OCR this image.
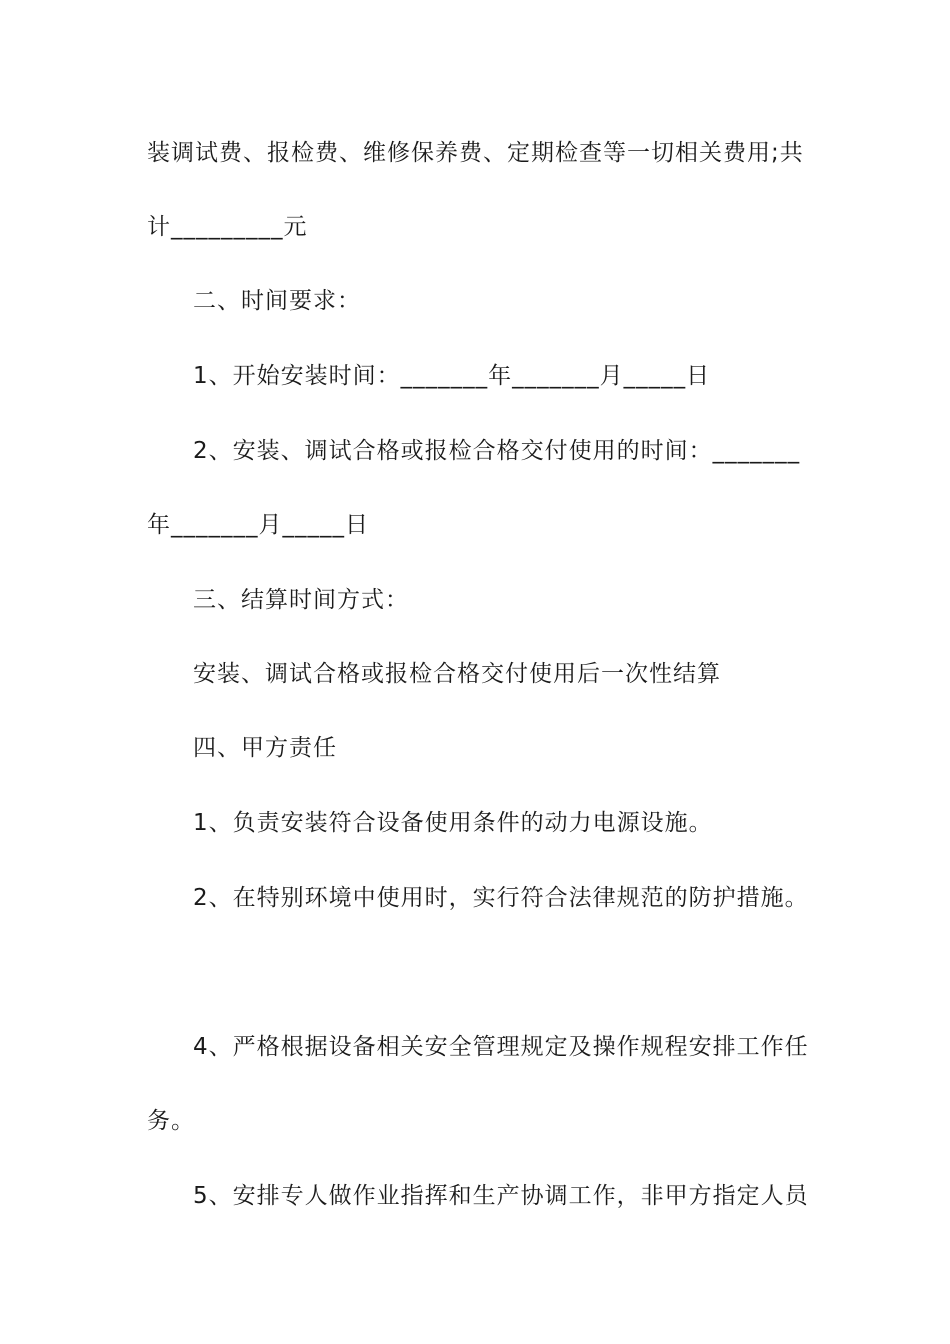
装调试费、报检费、维修保养费、定期检查等一切相关费用;共
计_________元
二、时间要求：
1、开始安装时间：_______年_______月_____日
2、安装、调试合格或报检合格交付使用的时间：_______
年_______月_____日
三、结算时间方式：
安装、调试合格或报检合格交付使用后一次性结算
四、甲方责任
1、负责安装符合设备使用条件的动力电源设施。
2、在特别环境中使用时，实行符合法律规范的防护措施。
4、严格根据设备相关安全管理规定及操作规程安排工作任
务。
5、安排专人做作业指挥和生产协调工作，非甲方指定人员
